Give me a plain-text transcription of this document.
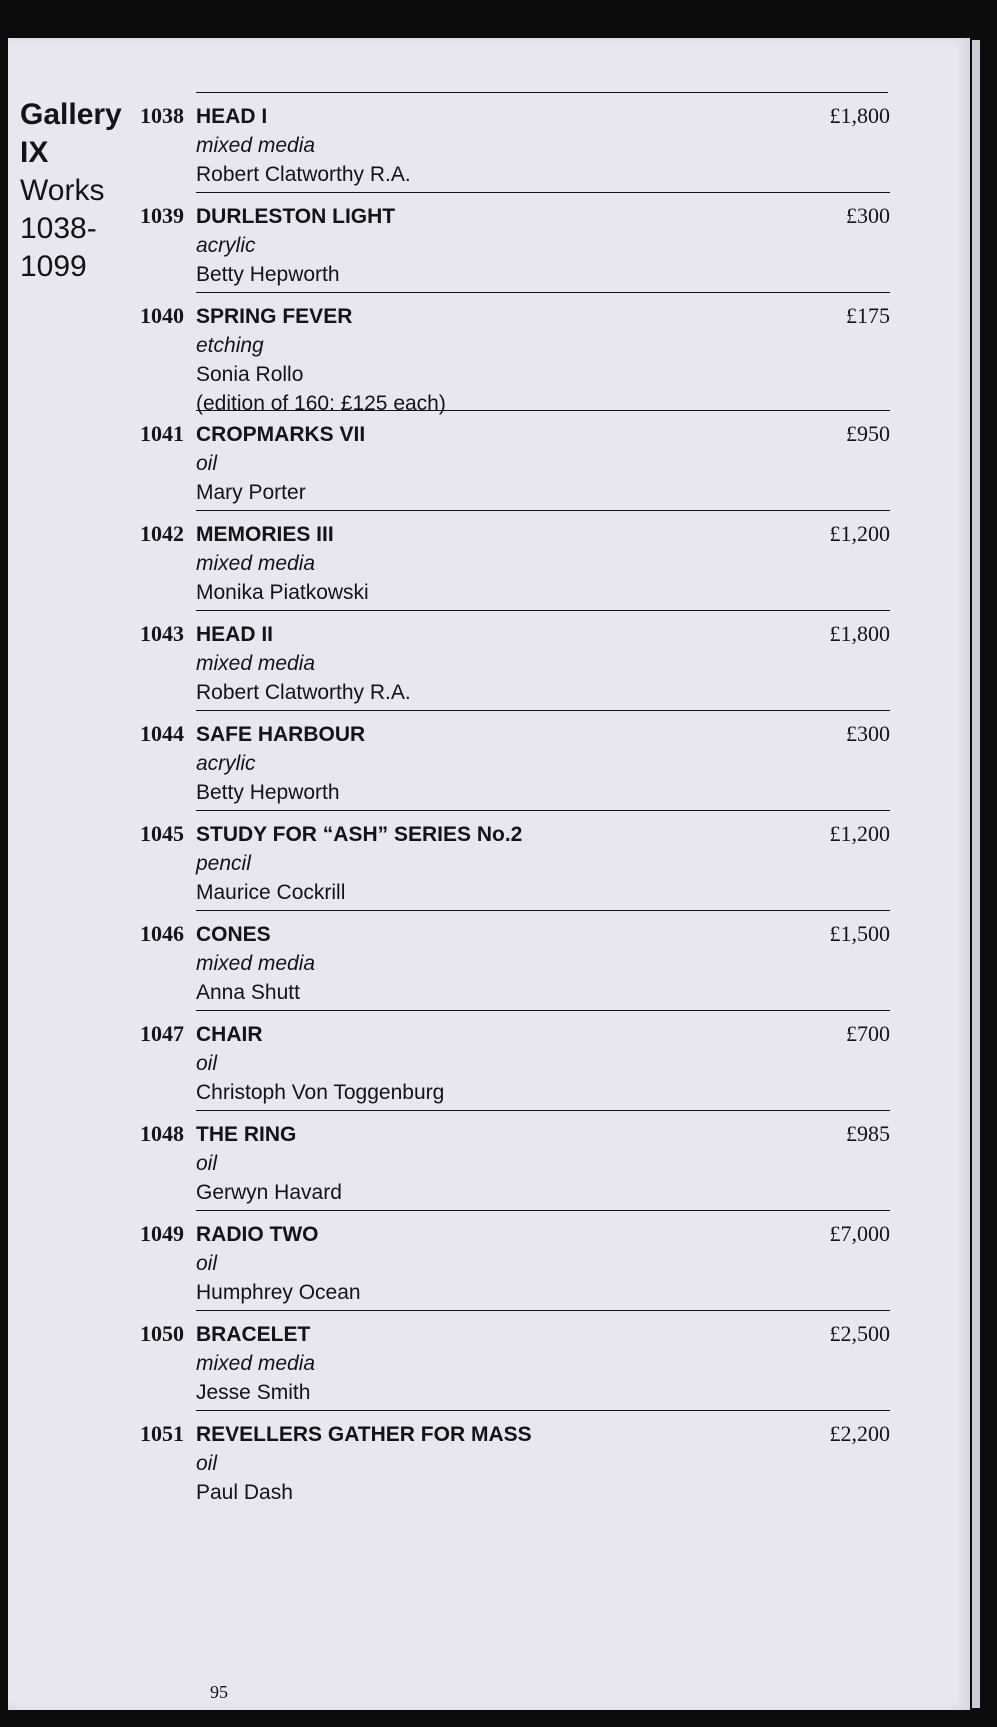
Gallery
IX
Works
1038-
1099
1038 HEAD I
mixed media
Robert Clatworthy R.A.
£1,800
1039 DURLESTON LIGHT
acrylic
Betty Hepworth
£300
1040 SPRING FEVER
etching
Sonia Rollo
(edition of 160: £125 each)
£175
1041 CROPMARKS VII
oil
Mary Porter
£950
1042 MEMORIES III
mixed media
Monika Piatkowski
£1,200
1043 HEAD II
mixed media
Robert Clatworthy R.A.
£1,800
1044 SAFE HARBOUR
acrylic
Betty Hepworth
£300
1045 STUDY FOR “ASH” SERIES No.2
pencil
Maurice Cockrill
£1,200
1046 CONES
mixed media
Anna Shutt
£1,500
1047 CHAIR
oil
Christoph Von Toggenburg
£700
1048 THE RING
oil
Gerwyn Havard
£985
1049 RADIO TWO
oil
Humphrey Ocean
£7,000
1050 BRACELET
mixed media
Jesse Smith
£2,500
1051 REVELLERS GATHER FOR MASS
oil
Paul Dash
£2,200
95
